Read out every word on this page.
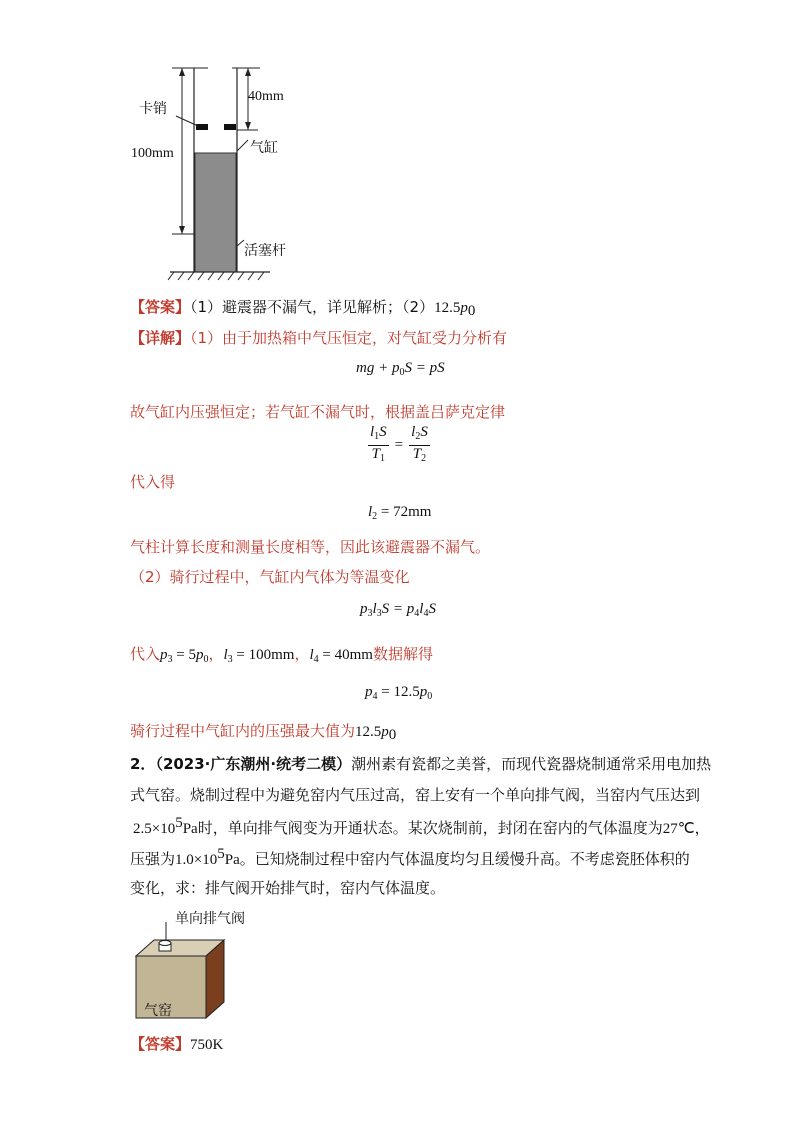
卡销
气缸
活塞杆
100mm
40mm
【答案】（1）避震器不漏气，详见解析；$(2)12.5p_0$
【详解】（1）由于加热箱中气压恒定，对气缸受力分析有
mg + $p_0S$ = pS
故气缸内压强恒定；若气缸不漏气时，根据盖吕萨克定律
$\frac{l_1S}{T_1} = \frac{l_2S}{T_2}$
代入得
$l_2 = 72mm$
气柱计算长度和测量长度相等，因此该避震器不漏气。
（2）骑行过程中，气缸内气体为等温变化
$p_3l_3S = p_4l_4S$
代入$p_3 = 5p_0$，$l_3 = 100mm$，$l_4 = 40mm$数据解得
$p_4 = 12.5p_0$
骑行过程中气缸内的压强最大值为$12.5p_0$
2．（2023·广东潮州·统考二模）潮州素有瓷都之美誉，而现代瓷器烧制通常采用电加热
式气窑。烧制过程中为避免窑内气压过高，窑上安有一个单向排气阀，当窑内气压达到
$2.5\times 10^5Pa$时，单向排气阀变为开通状态。某次烧制前，封闭在窑内的气体温度为27℃，
压强为$1.0\times 10^5Pa$。已知烧制过程中窑内气体温度均匀且缓慢升高。不考虑瓷胚体积的
变化，求：排气阀开始排气时，窑内气体温度。
单向排气阀
气窑
【答案】750K
